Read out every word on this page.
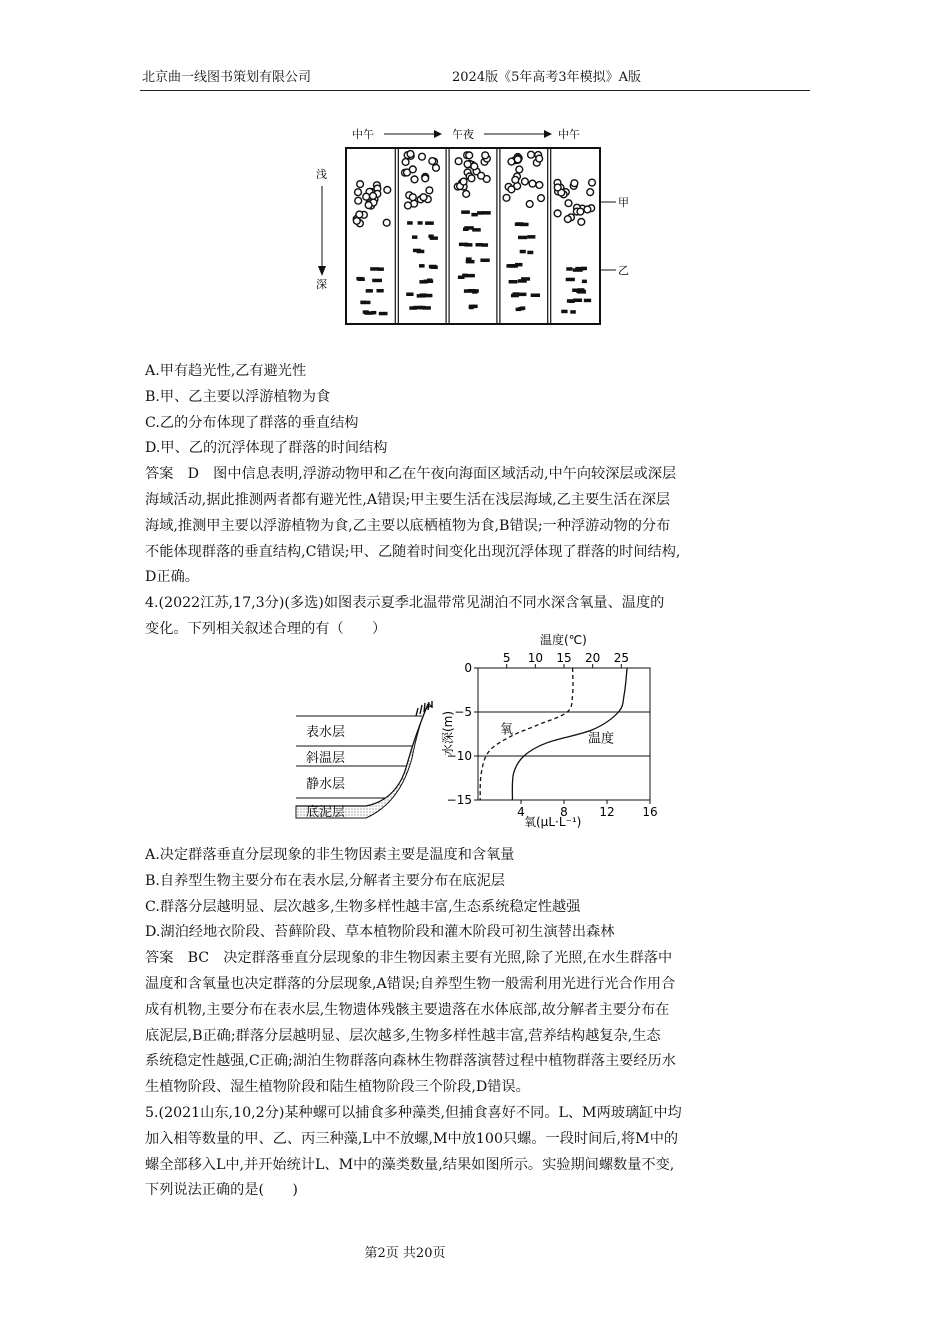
北京曲一线图书策划有限公司	2024版《5年高考3年模拟》A版
中午	午夜	中午
浅
深
甲
乙

A.甲有趋光性,乙有避光性

B.甲、乙主要以浮游植物为食

C.乙的分布体现了群落的垂直结构

D.甲、乙的沉浮体现了群落的时间结构

答案　D　图中信息表明,浮游动物甲和乙在午夜向海面区域活动,中午向较深层或深层

海域活动,据此推测两者都有避光性,A错误;甲主要生活在浅层海域,乙主要生活在深层

海域,推测甲主要以浮游植物为食,乙主要以底栖植物为食,B错误;一种浮游动物的分布

不能体现群落的垂直结构,C错误;甲、乙随着时间变化出现沉浮体现了群落的时间结构,

D正确。

4.(2022江苏,17,3分)(多选)如图表示夏季北温带常见湖泊不同水深含氧量、温度的

变化。下列相关叙述合理的有（　　）

表水层
斜温层
静水层
底泥层
温度(℃)
氧(μL·L⁻¹)
水深(m)
0
−5
−10
−15
5 10 15 20 25
4	8	12 16
氧
温度

A.决定群落垂直分层现象的非生物因素主要是温度和含氧量

B.自养型生物主要分布在表水层,分解者主要分布在底泥层

C.群落分层越明显、层次越多,生物多样性越丰富,生态系统稳定性越强

D.湖泊经地衣阶段、苔藓阶段、草本植物阶段和灌木阶段可初生演替出森林

答案　BC　决定群落垂直分层现象的非生物因素主要有光照,除了光照,在水生群落中

温度和含氧量也决定群落的分层现象,A错误;自养型生物一般需利用光进行光合作用合

成有机物,主要分布在表水层,生物遗体残骸主要遗落在水体底部,故分解者主要分布在

底泥层,B正确;群落分层越明显、层次越多,生物多样性越丰富,营养结构越复杂,生态

系统稳定性越强,C正确;湖泊生物群落向森林生物群落演替过程中植物群落主要经历水

生植物阶段、湿生植物阶段和陆生植物阶段三个阶段,D错误。

5.(2021山东,10,2分)某种螺可以捕食多种藻类,但捕食喜好不同。L、M两玻璃缸中均

加入相等数量的甲、乙、丙三种藻,L中不放螺,M中放100只螺。一段时间后,将M中的

螺全部移入L中,并开始统计L、M中的藻类数量,结果如图所示。实验期间螺数量不变,

下列说法正确的是(　　)

第2页 共20页
